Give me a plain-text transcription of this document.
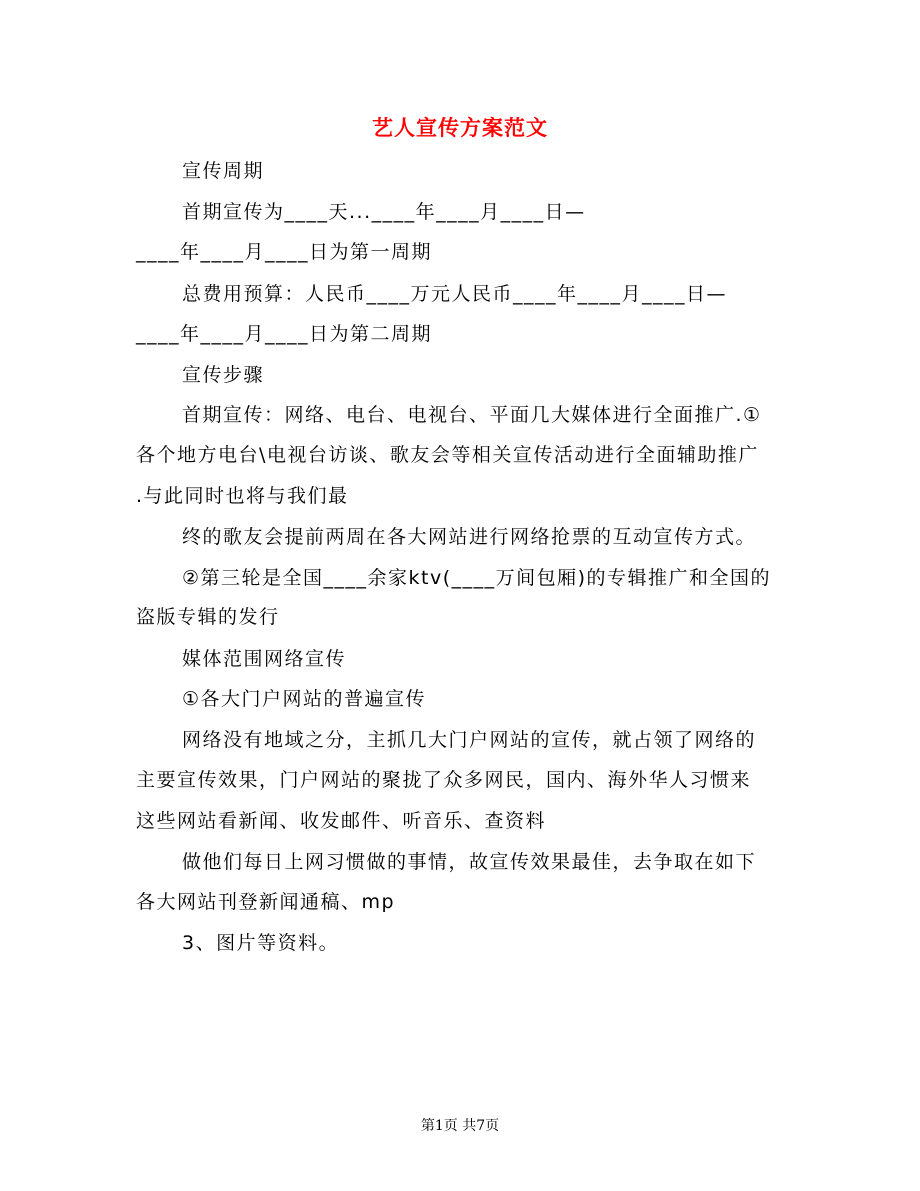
艺人宣传方案范文
宣传周期
首期宣传为____天...____年____月____日—
____年____月____日为第一周期
总费用预算：人民币____万元人民币____年____月____日—
____年____月____日为第二周期
宣传步骤
首期宣传：网络、电台、电视台、平面几大媒体进行全面推广.①
各个地方电台\电视台访谈、歌友会等相关宣传活动进行全面辅助推广
.与此同时也将与我们最
终的歌友会提前两周在各大网站进行网络抢票的互动宣传方式。
②第三轮是全国____余家ktv(____万间包厢)的专辑推广和全国的
盗版专辑的发行
媒体范围网络宣传
①各大门户网站的普遍宣传
网络没有地域之分，主抓几大门户网站的宣传，就占领了网络的
主要宣传效果，门户网站的聚拢了众多网民，国内、海外华人习惯来
这些网站看新闻、收发邮件、听音乐、查资料
做他们每日上网习惯做的事情，故宣传效果最佳，去争取在如下
各大网站刊登新闻通稿、mp
3、图片等资料。
第1页 共7页
